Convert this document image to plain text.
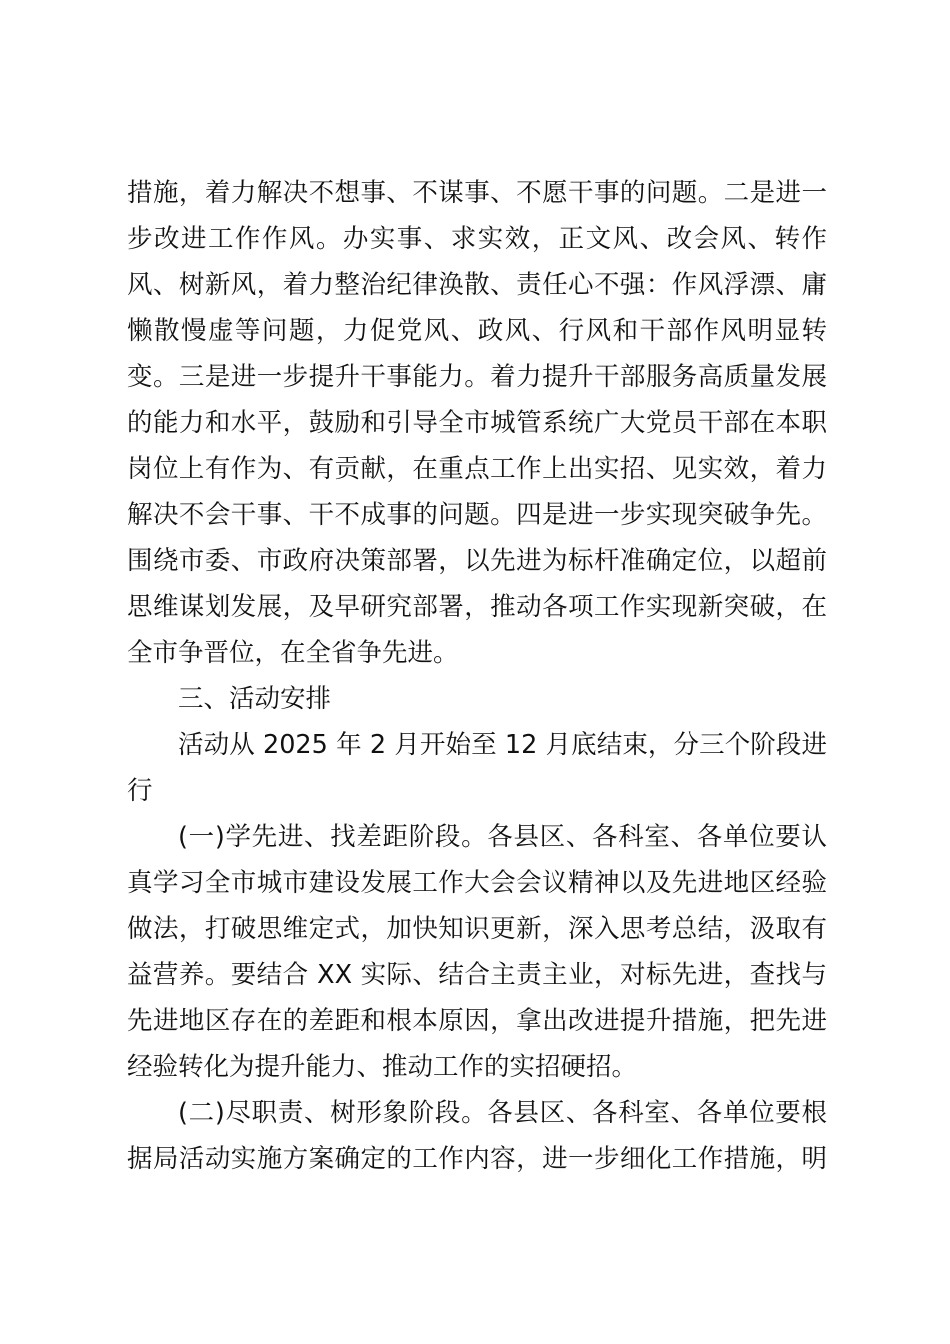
措施，着力解决不想事、不谋事、不愿干事的问题。二是进一
步改进工作作风。办实事、求实效，正文风、改会风、转作
风、树新风，着力整治纪律涣散、责任心不强：作风浮漂、庸
懒散慢虚等问题，力促党风、政风、行风和干部作风明显转
变。三是进一步提升干事能力。着力提升干部服务高质量发展
的能力和水平，鼓励和引导全市城管系统广大党员干部在本职
岗位上有作为、有贡献，在重点工作上出实招、见实效，着力
解决不会干事、干不成事的问题。四是进一步实现突破争先。
围绕市委、市政府决策部署，以先进为标杆准确定位，以超前
思维谋划发展，及早研究部署，推动各项工作实现新突破，在
全市争晋位，在全省争先进。
三、活动安排
活动从 2025 年 2 月开始至 12 月底结束，分三个阶段进
行
(一)学先进、找差距阶段。各县区、各科室、各单位要认
真学习全市城市建设发展工作大会会议精神以及先进地区经验
做法，打破思维定式，加快知识更新，深入思考总结，汲取有
益营养。要结合 XX 实际、结合主责主业，对标先进，查找与
先进地区存在的差距和根本原因，拿出改进提升措施，把先进
经验转化为提升能力、推动工作的实招硬招。
(二)尽职责、树形象阶段。各县区、各科室、各单位要根
据局活动实施方案确定的工作内容，进一步细化工作措施，明
